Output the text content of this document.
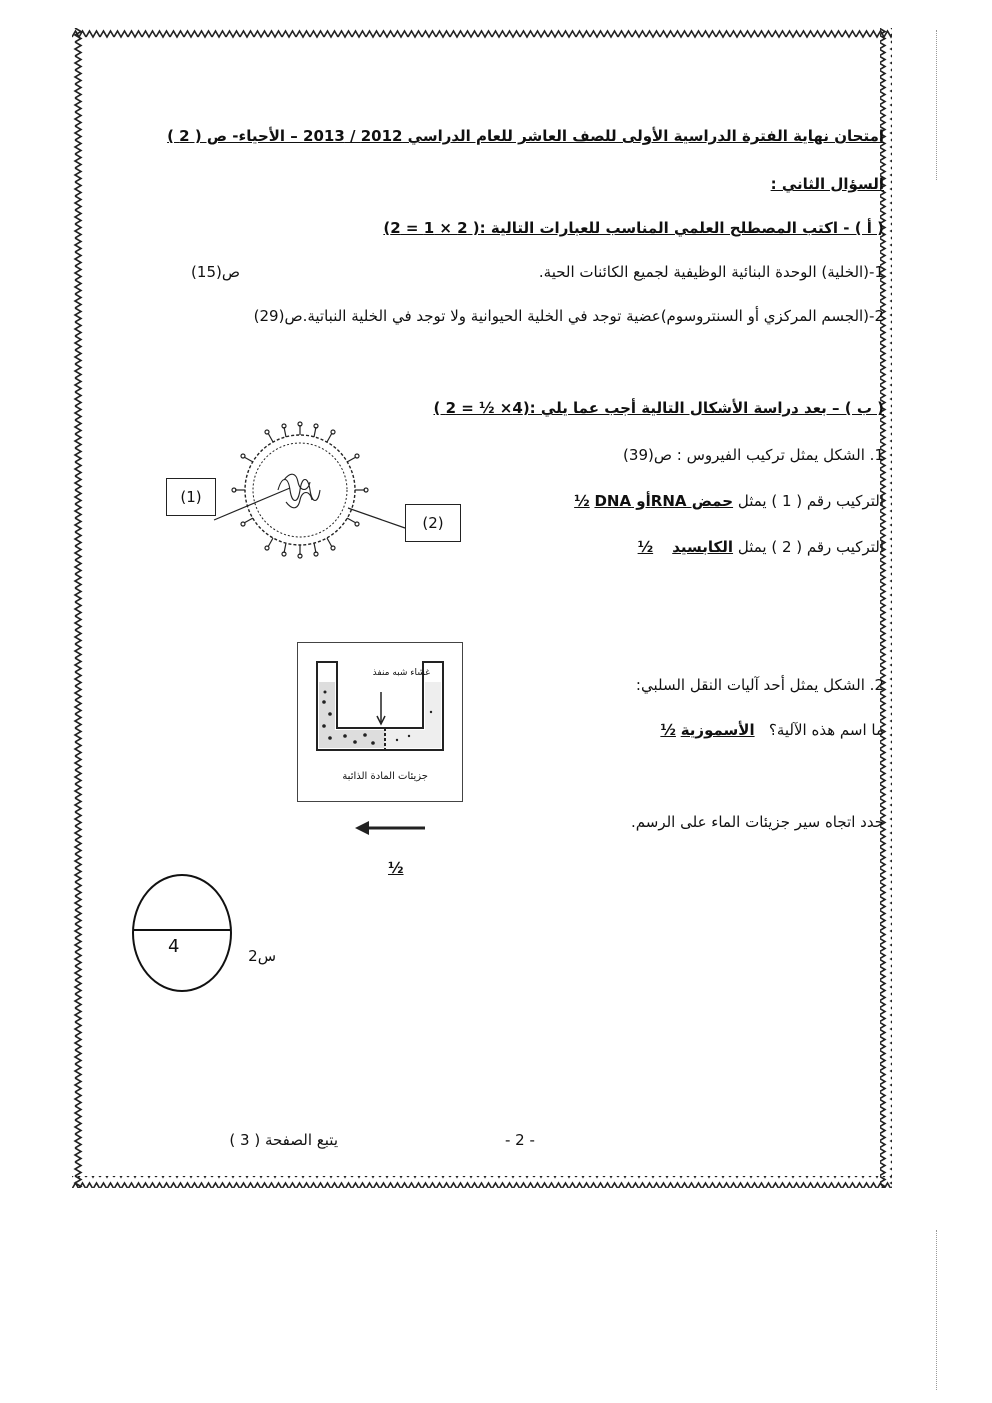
امتحان نهاية الفترة الدراسية الأولى للصف العاشر للعام الدراسي 2012 / 2013 – الأحياء- ص ( 2 )
السؤال الثاني :
( أ ) - اكتب المصطلح العلمي المناسب للعبارات التالية :( 2 × 1 = 2)
1-(الخلية) الوحدة البنائية الوظيفية لجميع الكائنات الحية.
ص(15)
2-(الجسم المركزي أو السنتروسوم)عضية توجد في الخلية الحيوانية ولا توجد في الخلية النباتية.ص(29)
( ب ) – بعد دراسة الأشكال التالية أجب عما يلي :(4× ½ = 2 )
1. الشكل يمثل تركيب الفيروس : ص(39)
التركيب رقم ( 1 ) يمثل حمض RNAأو DNA ½
التركيب رقم ( 2 ) يمثل الكابسيد    ½
(1)
(2)
2. الشكل يمثل أحد آليات النقل السلبي:
ما اسم هذه الآلية؟   الأسموزية ½
حدد اتجاه سير جزيئات الماء على الرسم.
غشاء شبه منفذ
جزيئات المادة الذائبة
½
4	س2
- 2 -
يتبع الصفحة ( 3 )
